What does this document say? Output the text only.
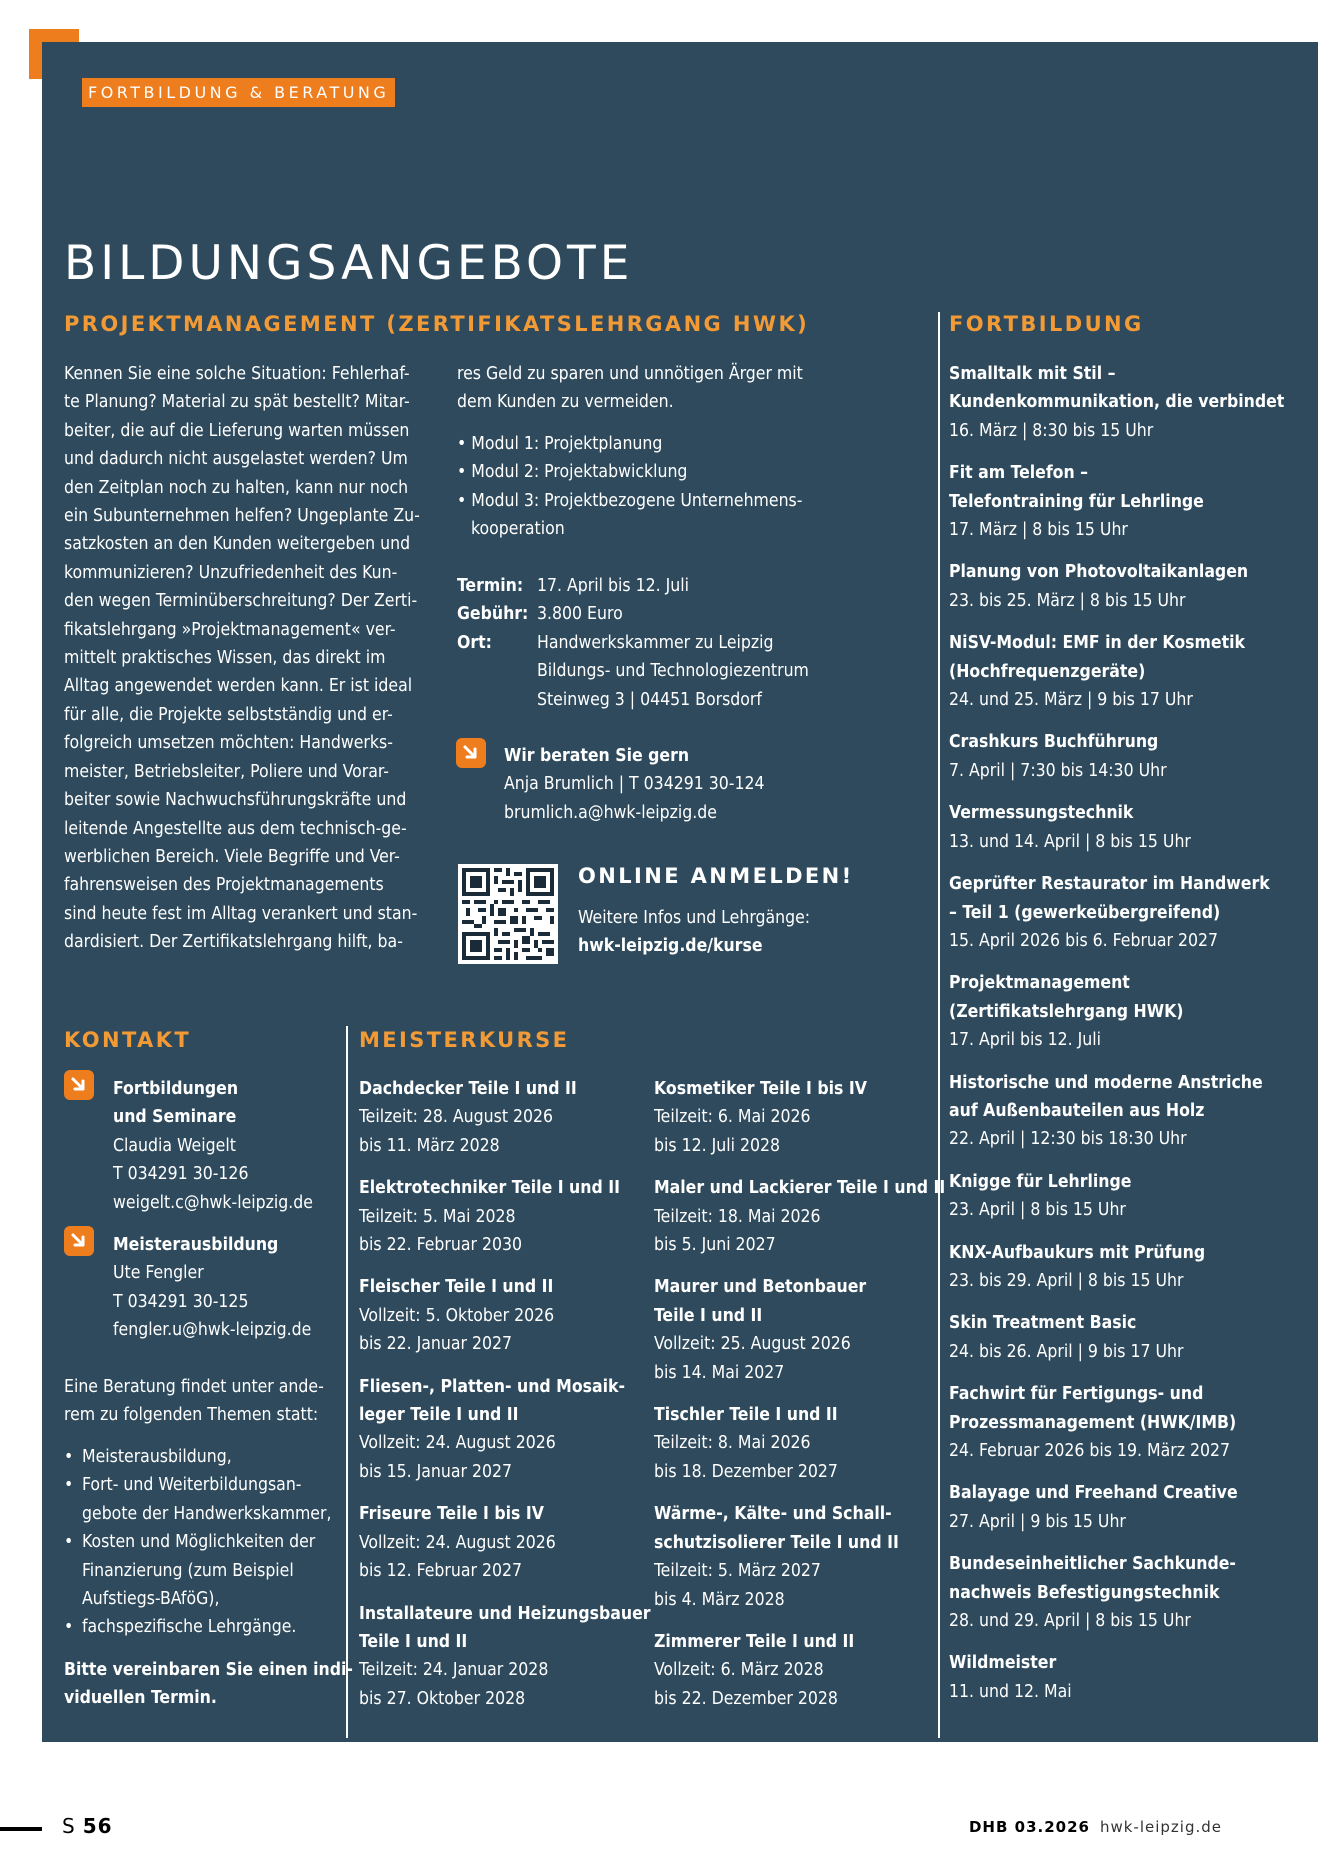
FORTBILDUNG & BERATUNG
BILDUNGSANGEBOTE
PROJEKTMANAGEMENT (ZERTIFIKATSLEHRGANG HWK)
Kennen Sie eine solche Situation: Fehlerhaf-
te Planung? Material zu spät bestellt? Mitar-
beiter, die auf die Lieferung warten müssen
und dadurch nicht ausgelastet werden? Um
den Zeitplan noch zu halten, kann nur noch
ein Subunternehmen helfen? Ungeplante Zu-
satzkosten an den Kunden weitergeben und
kommunizieren? Unzufriedenheit des Kun-
den wegen Terminüberschreitung? Der Zerti-
fikatslehrgang »Projektmanagement« ver-
mittelt praktisches Wissen, das direkt im
Alltag angewendet werden kann. Er ist ideal
für alle, die Projekte selbstständig und er-
folgreich umsetzen möchten: Handwerks-
meister, Betriebsleiter, Poliere und Vorar-
beiter sowie Nachwuchsführungskräfte und
leitende Angestellte aus dem technisch-ge-
werblichen Bereich. Viele Begriffe und Ver-
fahrensweisen des Projektmanagements
sind heute fest im Alltag verankert und stan-
dardisiert. Der Zertifikatslehrgang hilft, ba-
res Geld zu sparen und unnötigen Ärger mit
dem Kunden zu vermeiden.
• Modul 1: Projektplanung
• Modul 2: Projektabwicklung
• Modul 3: Projektbezogene Unternehmens-
kooperation
Termin: 17. April bis 12. Juli
Gebühr: 3.800 Euro
Ort:	Handwerkskammer zu Leipzig
Bildungs- und Technologiezentrum
Steinweg 3 | 04451 Borsdorf
Wir beraten Sie gern
Anja Brumlich | T 034291 30-124
brumlich.a@hwk-leipzig.de
ONLINE ANMELDEN!
Weitere Infos und Lehrgänge:
hwk-leipzig.de/kurse
KONTAKT
Fortbildungen
und Seminare
Claudia Weigelt
T 034291 30-126
weigelt.c@hwk-leipzig.de
Meisterausbildung
Ute Fengler
T 034291 30-125
fengler.u@hwk-leipzig.de
Eine Beratung findet unter ande-
rem zu folgenden Themen statt:
• Meisterausbildung,
• Fort- und Weiterbildungsan-
gebote der Handwerkskammer,
• Kosten und Möglichkeiten der
Finanzierung (zum Beispiel
Aufstiegs-BAföG),
• fachspezifische Lehrgänge.
Bitte vereinbaren Sie einen indi-
viduellen Termin.
MEISTERKURSE
Dachdecker Teile I und II
Teilzeit: 28. August 2026
bis 11. März 2028
Elektrotechniker Teile I und II
Teilzeit: 5. Mai 2028
bis 22. Februar 2030
Fleischer Teile I und II
Vollzeit: 5. Oktober 2026
bis 22. Januar 2027
Fliesen-, Platten- und Mosaik-
leger Teile I und II
Vollzeit: 24. August 2026
bis 15. Januar 2027
Friseure Teile I bis IV
Vollzeit: 24. August 2026
bis 12. Februar 2027
Installateure und Heizungsbauer
Teile I und II
Teilzeit: 24. Januar 2028
bis 27. Oktober 2028
Kosmetiker Teile I bis IV
Teilzeit: 6. Mai 2026
bis 12. Juli 2028
Maler und Lackierer Teile I und II
Teilzeit: 18. Mai 2026
bis 5. Juni 2027
Maurer und Betonbauer
Teile I und II
Vollzeit: 25. August 2026
bis 14. Mai 2027
Tischler Teile I und II
Teilzeit: 8. Mai 2026
bis 18. Dezember 2027
Wärme-, Kälte- und Schall-
schutzisolierer Teile I und II
Teilzeit: 5. März 2027
bis 4. März 2028
Zimmerer Teile I und II
Vollzeit: 6. März 2028
bis 22. Dezember 2028
FORTBILDUNG
Smalltalk mit Stil –
Kundenkommunikation, die verbindet
16. März | 8:30 bis 15 Uhr
Fit am Telefon –
Telefontraining für Lehrlinge
17. März | 8 bis 15 Uhr
Planung von Photovoltaikanlagen
23. bis 25. März | 8 bis 15 Uhr
NiSV-Modul: EMF in der Kosmetik
(Hochfrequenzgeräte)
24. und 25. März | 9 bis 17 Uhr
Crashkurs Buchführung
7. April | 7:30 bis 14:30 Uhr
Vermessungstechnik
13. und 14. April | 8 bis 15 Uhr
Geprüfter Restaurator im Handwerk
– Teil 1 (gewerkeübergreifend)
15. April 2026 bis 6. Februar 2027
Projektmanagement
(Zertifikatslehrgang HWK)
17. April bis 12. Juli
Historische und moderne Anstriche
auf Außenbauteilen aus Holz
22. April | 12:30 bis 18:30 Uhr
Knigge für Lehrlinge
23. April | 8 bis 15 Uhr
KNX-Aufbaukurs mit Prüfung
23. bis 29. April | 8 bis 15 Uhr
Skin Treatment Basic
24. bis 26. April | 9 bis 17 Uhr
Fachwirt für Fertigungs- und
Prozessmanagement (HWK/IMB)
24. Februar 2026 bis 19. März 2027
Balayage und Freehand Creative
27. April | 9 bis 15 Uhr
Bundeseinheitlicher Sachkunde-
nachweis Befestigungstechnik
28. und 29. April | 8 bis 15 Uhr
Wildmeister
11. und 12. Mai
S 56	DHB 03.2026 hwk-leipzig.de
